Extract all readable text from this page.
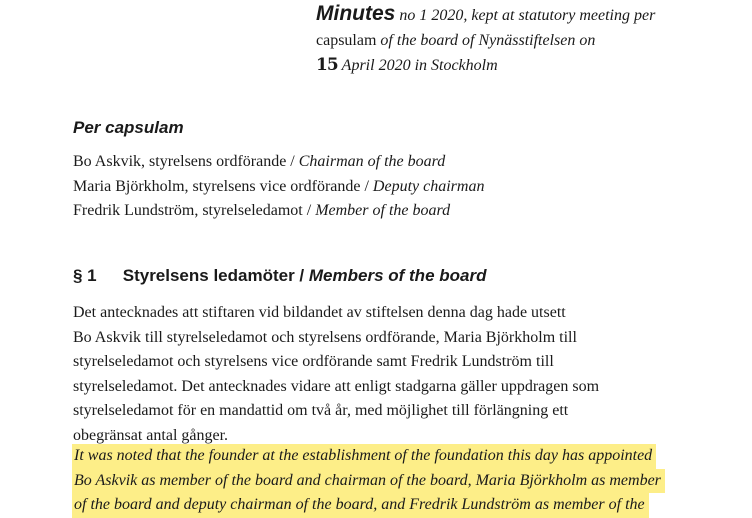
Minutes no 1 2020, kept at statutory meeting per
capsulam of the board of Nynässtiftelsen on
15 April 2020 in Stockholm
Per capsulam
Bo Askvik, styrelsens ordförande / Chairman of the board
Maria Björkholm, styrelsens vice ordförande / Deputy chairman
Fredrik Lundström, styrelseledamot / Member of the board
§ 1 Styrelsens ledamöter / Members of the board
Det antecknades att stiftaren vid bildandet av stiftelsen denna dag hade utsett
Bo Askvik till styrelseledamot och styrelsens ordförande, Maria Björkholm till
styrelseledamot och styrelsens vice ordförande samt Fredrik Lundström till
styrelseledamot. Det antecknades vidare att enligt stadgarna gäller uppdragen som
styrelseledamot för en mandattid om två år, med möjlighet till förlängning ett
obegränsat antal gånger.
It was noted that the founder at the establishment of the foundation this day has appointed
Bo Askvik as member of the board and chairman of the board, Maria Björkholm as member
of the board and deputy chairman of the board, and Fredrik Lundström as member of the
